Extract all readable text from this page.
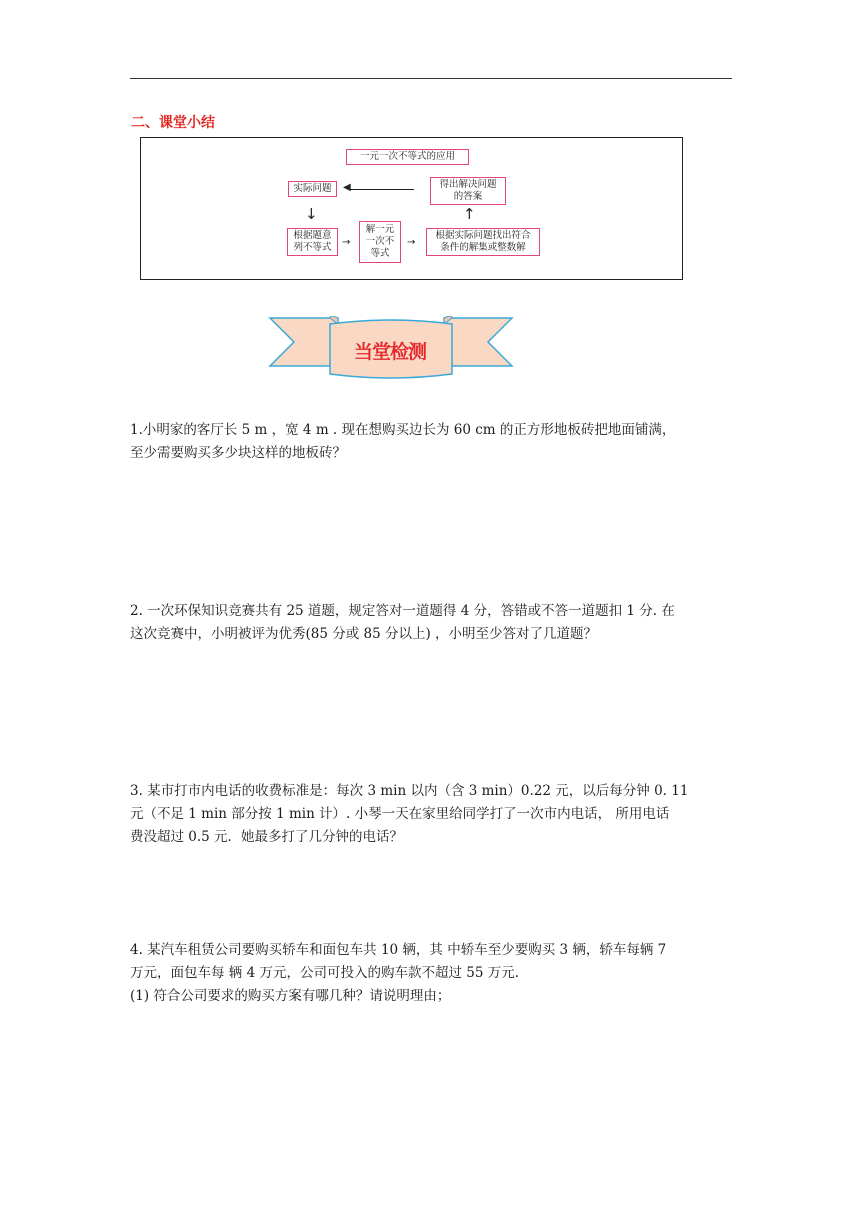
二、课堂小结
一元一次不等式的应用
实际问题 ◀	得出解决问题
的答案
↓	↑
根据题意
列不等式 →
解一元
一次不
等式
→
根据实际问题找出符合
条件的解集或整数解
当堂检测

1.小明家的客厅长 5 m ，宽 4 m . 现在想购买边长为 60 cm 的正方形地板砖把地面铺满，

至少需要购买多少块这样的地板砖？

2. 一次环保知识竞赛共有 25 道题，规定答对一道题得 4 分，答错或不答一道题扣 1 分. 在

这次竞赛中，小明被评为优秀(85 分或 85 分以上) ，小明至少答对了几道题？

3. 某市打市内电话的收费标准是：每次 3 min 以内（含 3 min）0.22 元，以后每分钟 0. 11

元（不足 1 min 部分按 1 min 计）. 小琴一天在家里给同学打了一次市内电话， 所用电话

费没超过 0.5 元．她最多打了几分钟的电话？

4. 某汽车租赁公司要购买轿车和面包车共 10 辆，其 中轿车至少要购买 3 辆，轿车每辆 7

万元，面包车每 辆 4 万元，公司可投入的购车款不超过 55 万元.

(1) 符合公司要求的购买方案有哪几种？请说明理由；
